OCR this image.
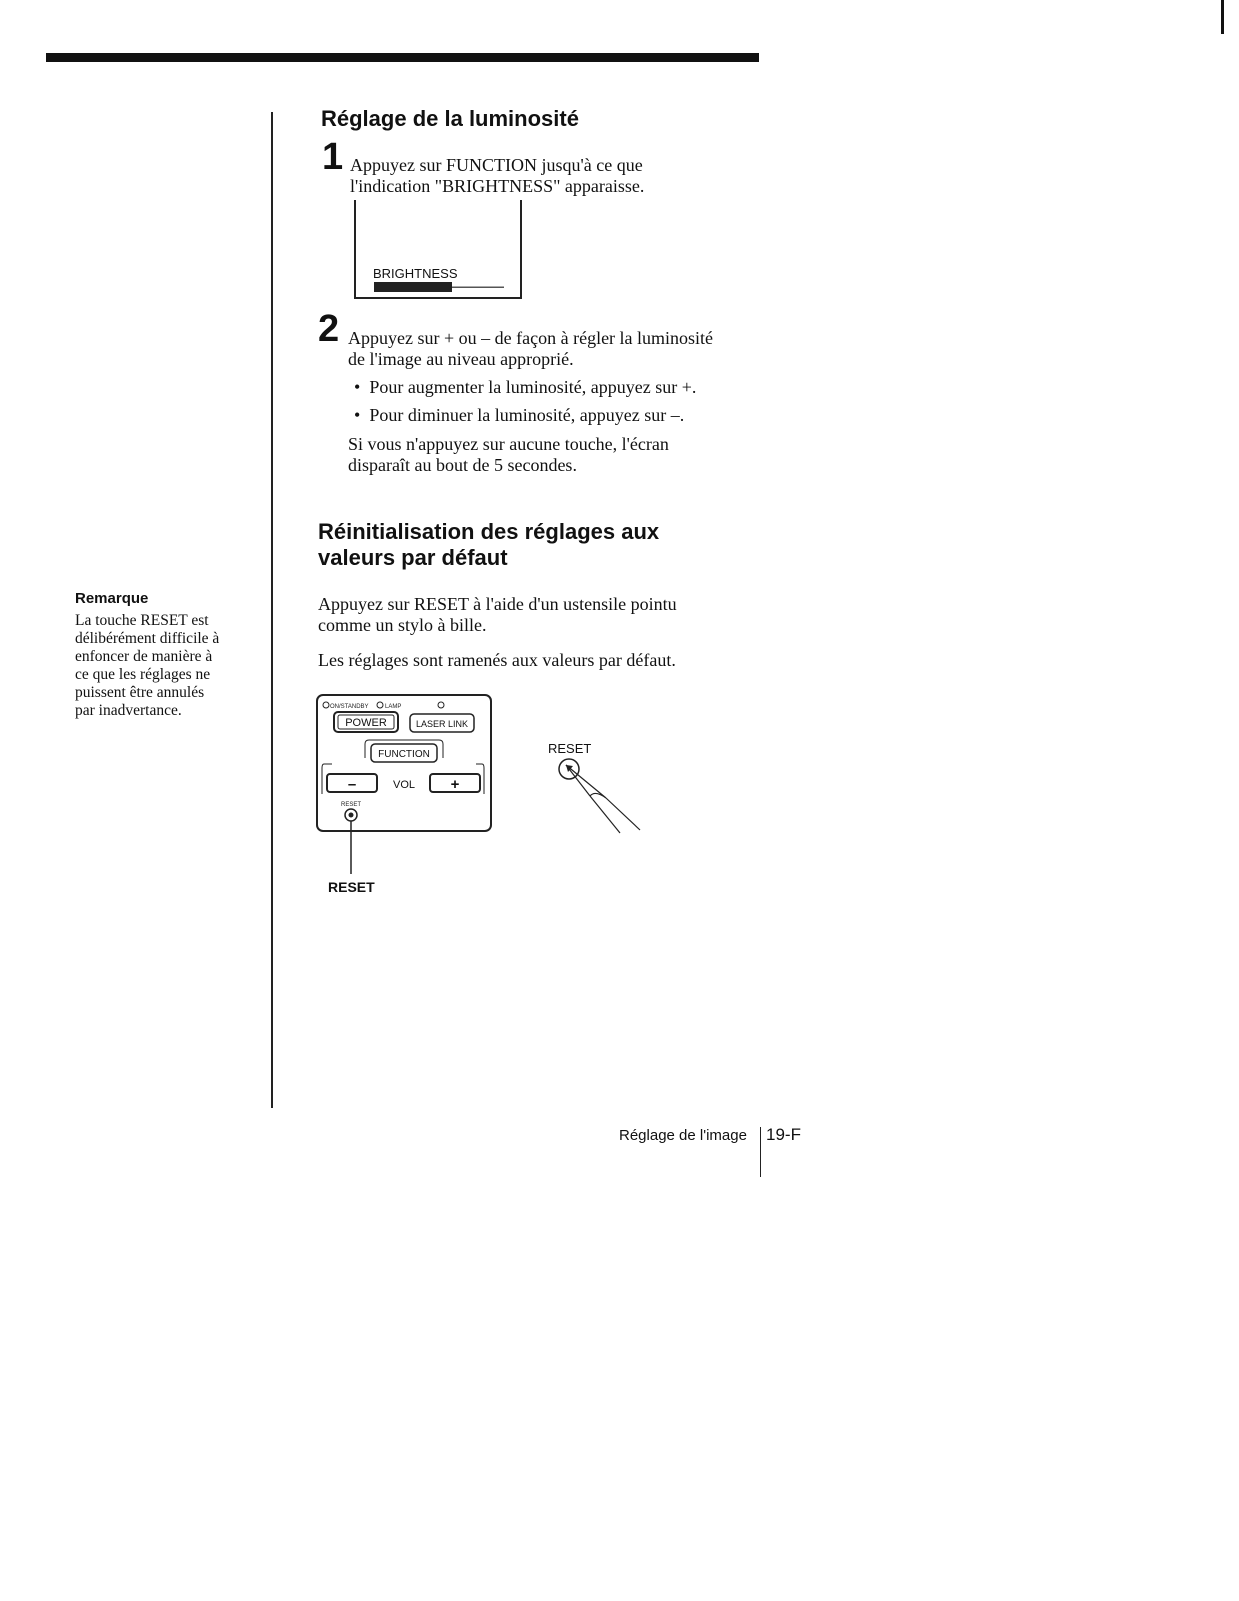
Remarque
La touche RESET est
délibérément difficile à
enfoncer de manière à
ce que les réglages ne
puissent être annulés
par inadvertance.
Réglage de la luminosité
1 Appuyez sur FUNCTION jusqu'à ce que
l'indication "BRIGHTNESS" apparaisse.
BRIGHTNESS
2 Appuyez sur + ou – de façon à régler la luminosité
de l'image au niveau approprié.
•  Pour augmenter la luminosité, appuyez sur +.
•  Pour diminuer la luminosité, appuyez sur –.
Si vous n'appuyez sur aucune touche, l'écran
disparaît au bout de 5 secondes.
Réinitialisation des réglages aux
valeurs par défaut
Appuyez sur RESET à l'aide d'un ustensile pointu
comme un stylo à bille.
Les réglages sont ramenés aux valeurs par défaut.
ON/STANDBY	LAMP
POWER	LASER LINK
FUNCTION
–	VOL +
RESET
RESET
RESET
Réglage de l'image 19-F
